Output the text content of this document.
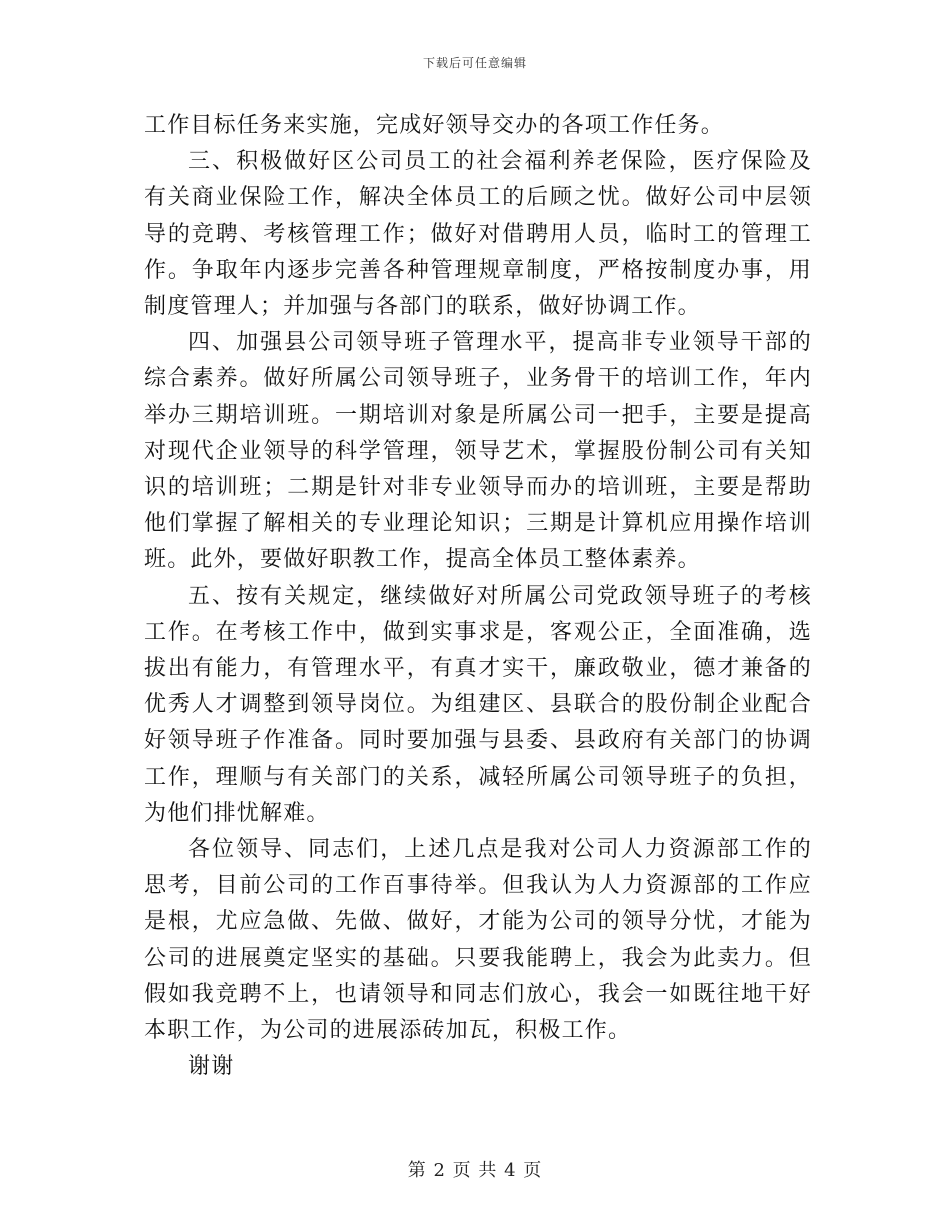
下载后可任意编辑

工作目标任务来实施，完成好领导交办的各项工作任务。

三、积极做好区公司员工的社会福利养老保险，医疗保险及有关商业保险工作，解决全体员工的后顾之忧。做好公司中层领导的竞聘、考核管理工作；做好对借聘用人员，临时工的管理工作。争取年内逐步完善各种管理规章制度，严格按制度办事，用制度管理人；并加强与各部门的联系，做好协调工作。

四、加强县公司领导班子管理水平，提高非专业领导干部的综合素养。做好所属公司领导班子，业务骨干的培训工作，年内举办三期培训班。一期培训对象是所属公司一把手，主要是提高对现代企业领导的科学管理，领导艺术，掌握股份制公司有关知识的培训班；二期是针对非专业领导而办的培训班，主要是帮助他们掌握了解相关的专业理论知识；三期是计算机应用操作培训班。此外，要做好职教工作，提高全体员工整体素养。

五、按有关规定，继续做好对所属公司党政领导班子的考核工作。在考核工作中，做到实事求是，客观公正，全面准确，选拔出有能力，有管理水平，有真才实干，廉政敬业，德才兼备的优秀人才调整到领导岗位。为组建区、县联合的股份制企业配合好领导班子作准备。同时要加强与县委、县政府有关部门的协调工作，理顺与有关部门的关系，减轻所属公司领导班子的负担，为他们排忧解难。

各位领导、同志们，上述几点是我对公司人力资源部工作的思考，目前公司的工作百事待举。但我认为人力资源部的工作应是根，尤应急做、先做、做好，才能为公司的领导分忧，才能为公司的进展奠定坚实的基础。只要我能聘上，我会为此卖力。但假如我竞聘不上，也请领导和同志们放心，我会一如既往地干好本职工作，为公司的进展添砖加瓦，积极工作。

谢谢

第 2 页 共 4 页
